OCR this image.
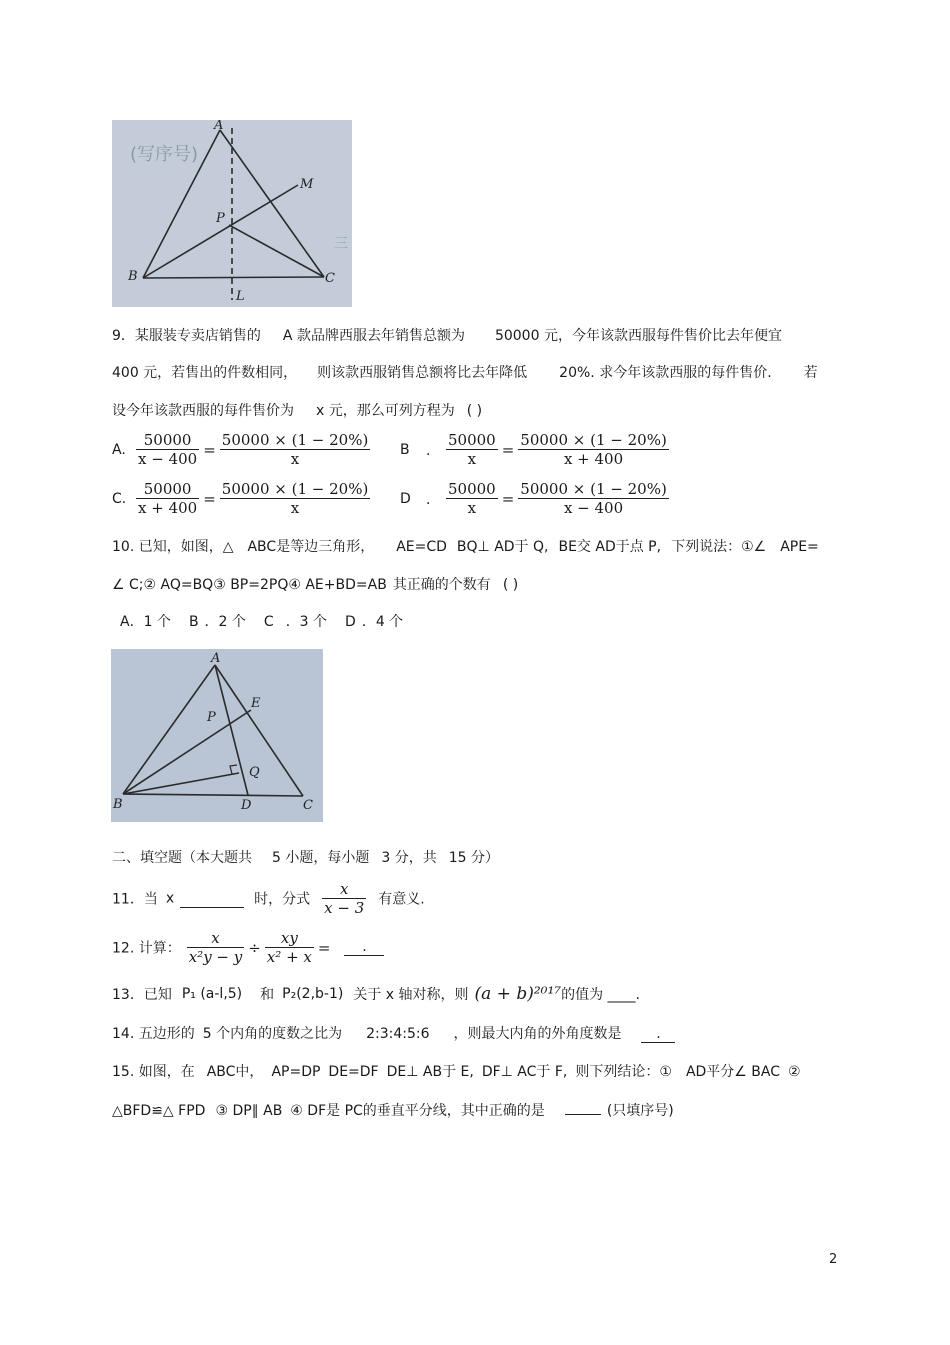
(写序号)
三
A
B	C
P
M
L
9．某服装专卖店销售的 A 款品牌西服去年销售总额为 50000 元，今年该款西服每件售价比去年便宜
400 元，若售出的件数相同， 则该款西服销售总额将比去年降低 20%. 求今年该款西服的每件售价. 若
设今年该款西服的每件售价为 x 元，那么可列方程为 ( )
A. $\frac{50000}{x - 400} = \frac{50000 \times (1 - 20\%)}{x}$ B ． $\frac{50000}{x} = \frac{50000 \times (1 - 20\%)}{x + 400}$
C. $\frac{50000}{x + 400} = \frac{50000 \times (1 - 20\%)}{x}$ D ． $\frac{50000}{x} = \frac{50000 \times (1 - 20\%)}{x - 400}$
10. 已知，如图，△ ABC是等边三角形， AE=CD BQ⊥ AD于 Q, BE交 AD于点 P, 下列说法：①∠ APE=
∠ C;② AQ=BQ③ BP=2PQ④ AE+BD=AB 其正确的个数有 ( )
A．1 个 B ．2 个 C ．3 个 D ．4 个
A
B	C
D
E
P
Q
二、填空题（本大题共 5 小题，每小题 3 分，共 15 分）
11．当 x	时，分式 $\frac{x}{x - 3}$ 有意义.
12. 计算： $\frac{x}{\text{x²y − y}} \div \frac{xy}{\text{x² + x}}$ = .
13．已知 P₁ (a-l,5) 和 P₂(2,b-1) 关于 x 轴对称，则 (a + b)²⁰¹⁷的值为 ____.
14. 五边形的 5 个内角的度数之比为 2:3:4:5:6 ，则最大内角的外角度数是 .
15. 如图，在 ABC中， AP=DP DE=DF DE⊥ AB于 E, DF⊥ AC于 F, 则下列结论：① AD平分∠ BAC ②
△BFD≌△ FPD ③ DP∥ AB ④ DF是 PC的垂直平分线，其中正确的是	(只填序号)
2
